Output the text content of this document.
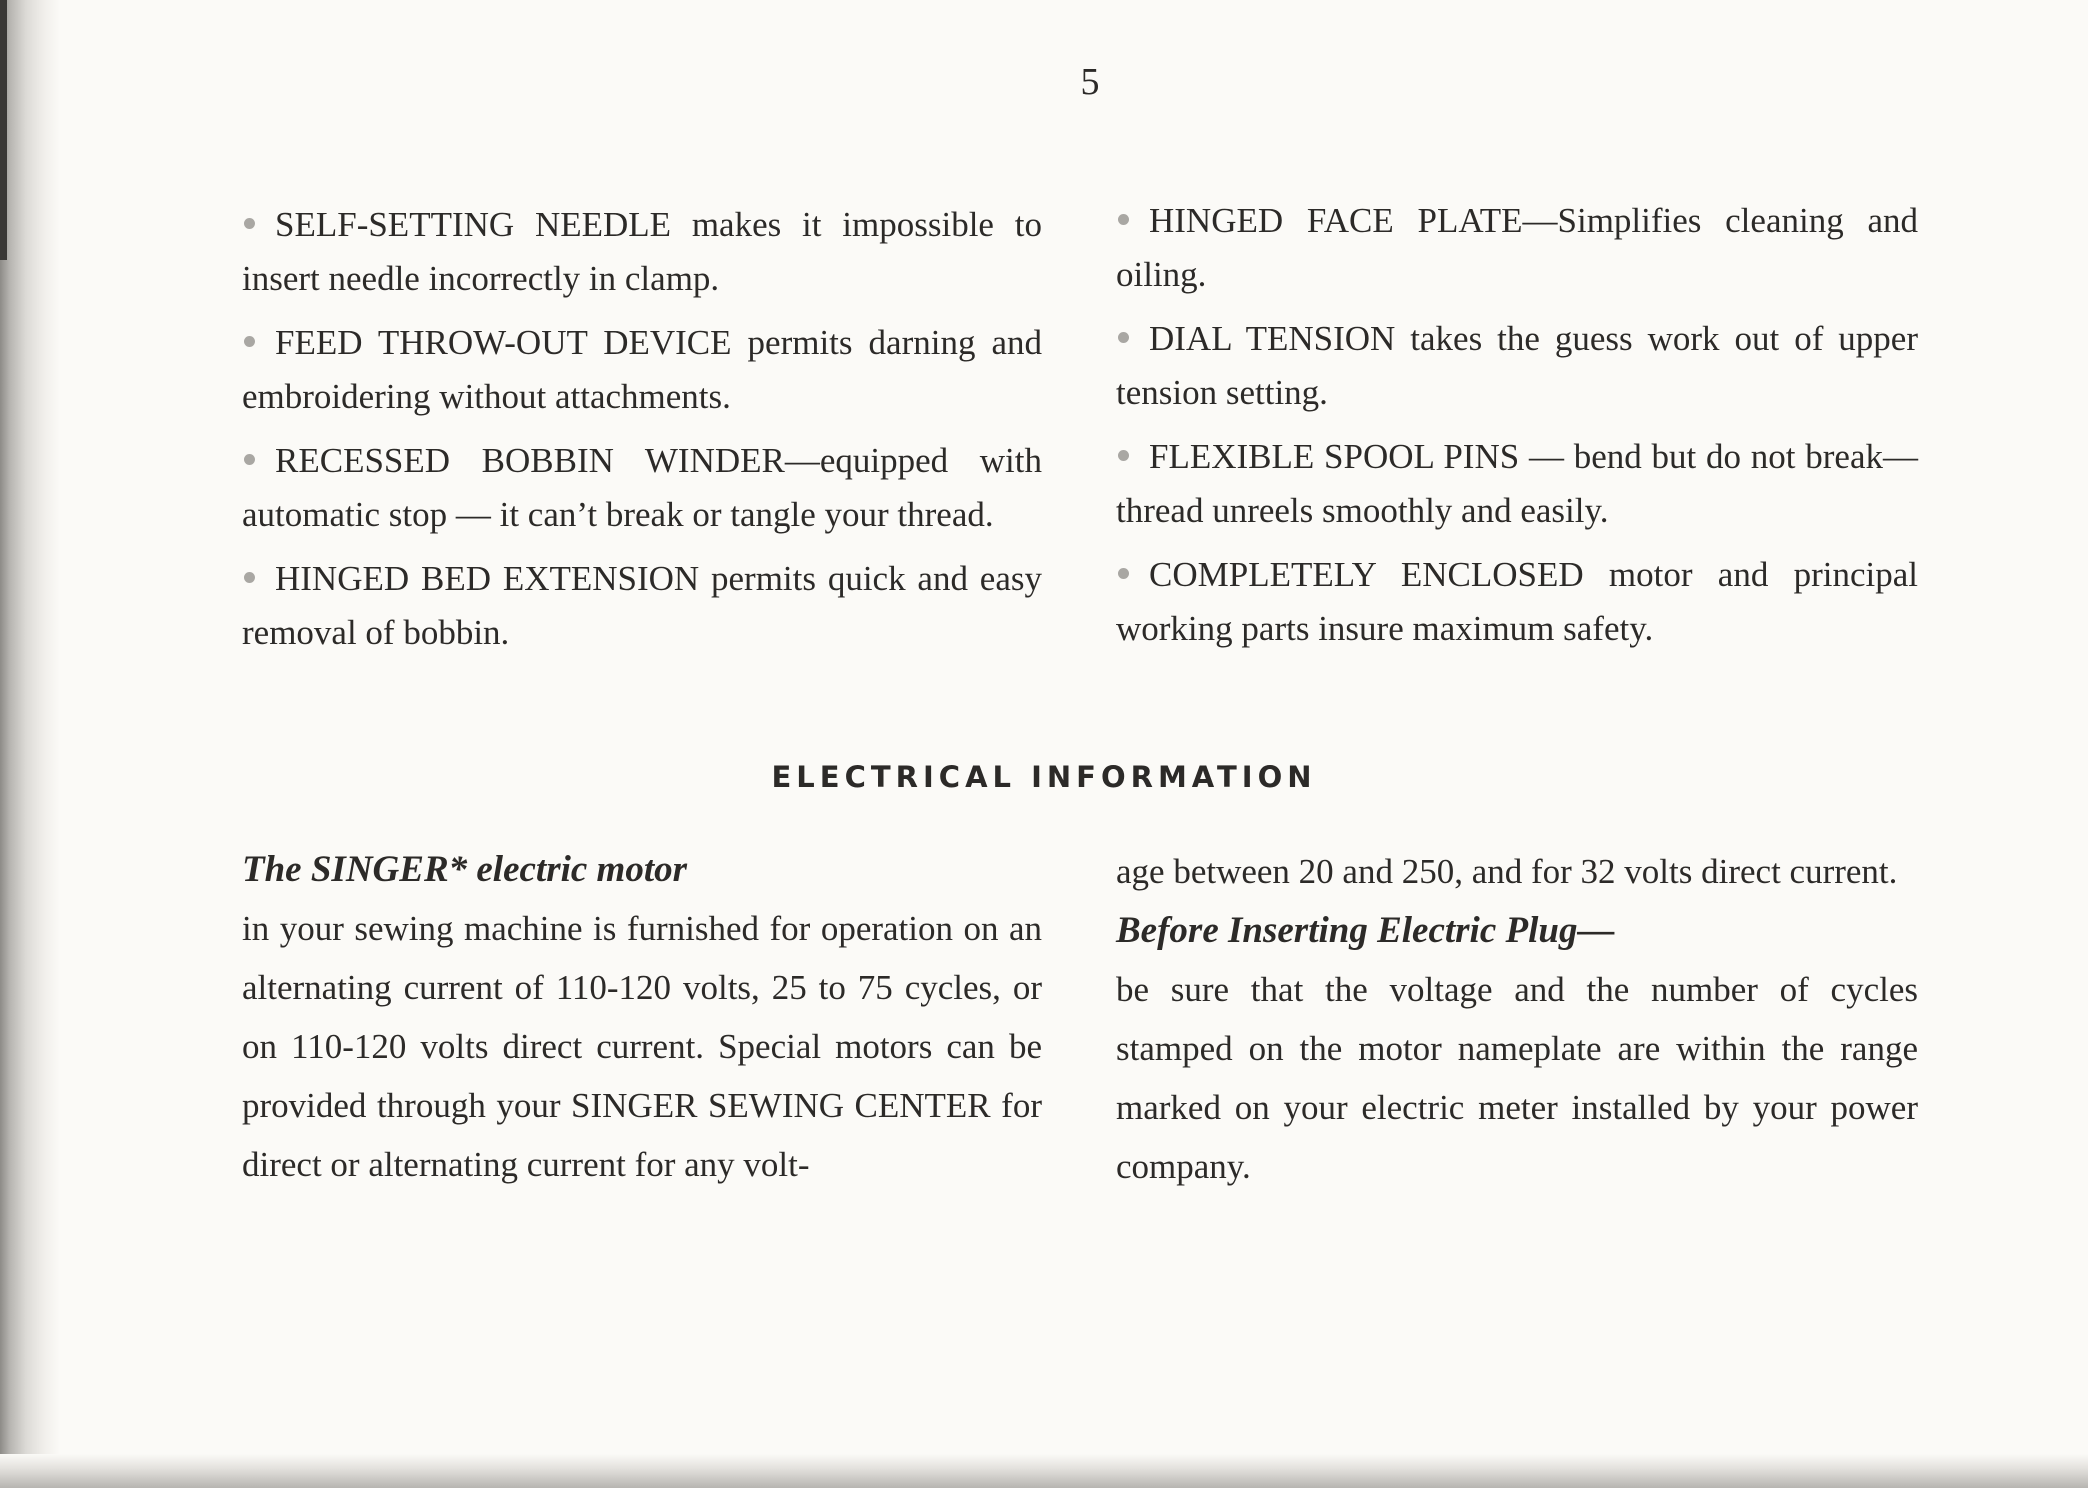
5
SELF-SETTING NEEDLE makes it impossible to insert needle incorrectly in clamp.
FEED THROW-OUT DEVICE permits darning and embroidering without attachments.
RECESSED BOBBIN WINDER—equipped with automatic stop — it can’t break or tangle your thread.
HINGED BED EXTENSION permits quick and easy removal of bobbin.
HINGED FACE PLATE—Simplifies cleaning and oiling.
DIAL TENSION takes the guess work out of upper tension setting.
FLEXIBLE SPOOL PINS — bend but do not break—thread unreels smoothly and easily.
COMPLETELY ENCLOSED motor and principal working parts insure maximum safety.
ELECTRICAL INFORMATION

The SINGER* electric motor

in your sewing machine is furnished for operation on an alternating current of 110-120 volts, 25 to 75 cycles, or on 110-120 volts direct current. Special motors can be provided through your SINGER SEWING CENTER for direct or alternating current for any volt-

age between 20 and 250, and for 32 volts direct current.

Before Inserting Electric Plug—

be sure that the voltage and the number of cycles stamped on the motor nameplate are within the range marked on your electric meter installed by your power company.
